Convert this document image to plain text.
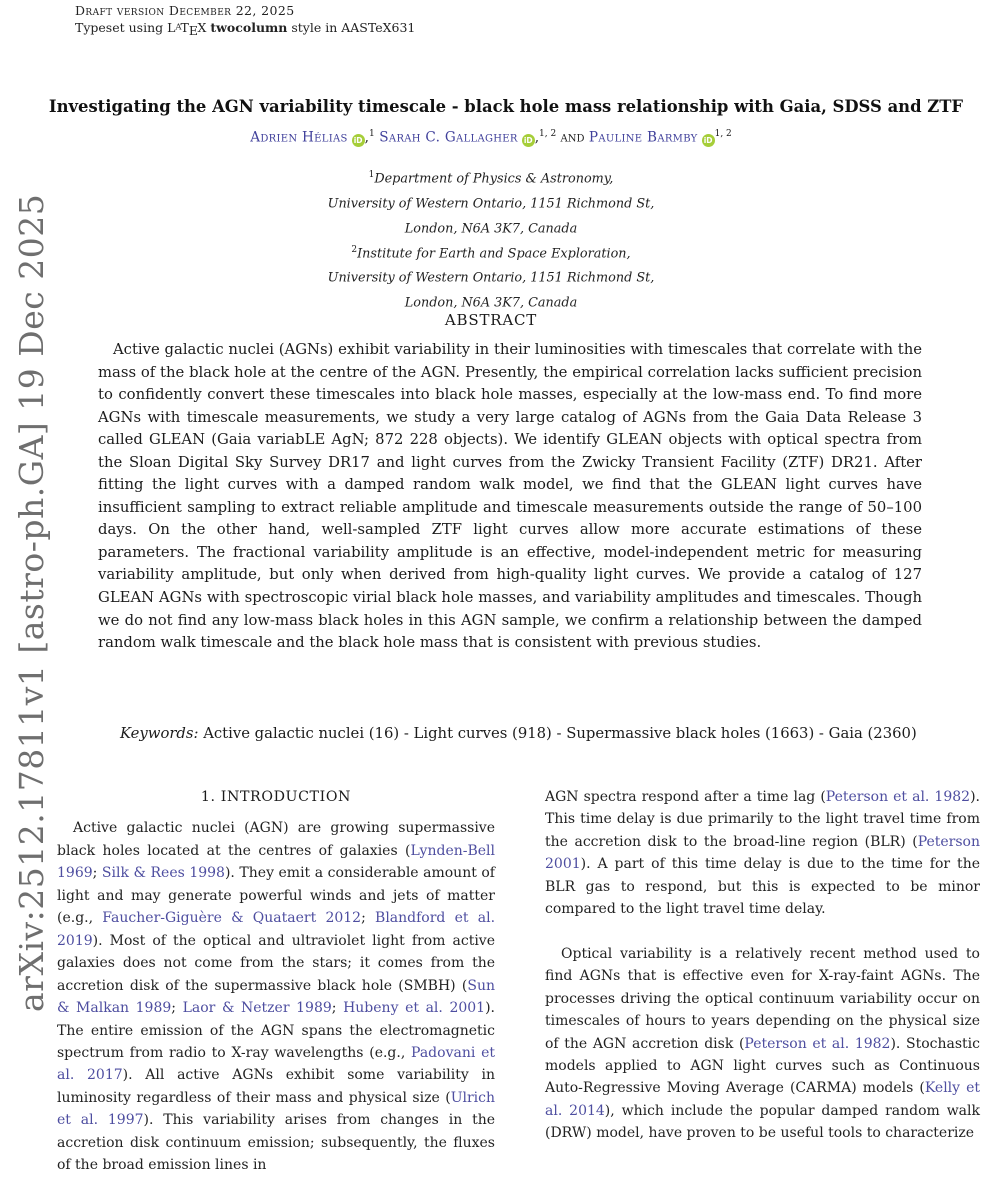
Draft version December 22, 2025
Typeset using LATEX twocolumn style in AASTeX631
arXiv:2512.17811v1 [astro-ph.GA] 19 Dec 2025
Investigating the AGN variability timescale - black hole mass relationship with Gaia, SDSS and ZTF
Adrien Hélias iD ,$^1$ Sarah C. Gallagher iD ,$^{1, 2}$ and Pauline Barmby iD$^{1, 2}$
$^1$Department of Physics & Astronomy,
University of Western Ontario, 1151 Richmond St,
London, N6A 3K7, Canada
$^2$Institute for Earth and Space Exploration,
University of Western Ontario, 1151 Richmond St,
London, N6A 3K7, Canada
ABSTRACT
Active galactic nuclei (AGNs) exhibit variability in their luminosities with timescales that correlate with the mass of the black hole at the centre of the AGN. Presently, the empirical correlation lacks sufficient precision to confidently convert these timescales into black hole masses, especially at the low-mass end. To find more AGNs with timescale measurements, we study a very large catalog of AGNs from the Gaia Data Release 3 called GLEAN (Gaia variabLE AgN; 872 228 objects). We identify GLEAN objects with optical spectra from the Sloan Digital Sky Survey DR17 and light curves from the Zwicky Transient Facility (ZTF) DR21. After fitting the light curves with a damped random walk model, we find that the GLEAN light curves have insufficient sampling to extract reliable amplitude and timescale measurements outside the range of 50–100 days. On the other hand, well-sampled ZTF light curves allow more accurate estimations of these parameters. The fractional variability amplitude is an effective, model-independent metric for measuring variability amplitude, but only when derived from high-quality light curves. We provide a catalog of 127 GLEAN AGNs with spectroscopic virial black hole masses, and variability amplitudes and timescales. Though we do not find any low-mass black holes in this AGN sample, we confirm a relationship between the damped random walk timescale and the black hole mass that is consistent with previous studies.
Keywords: Active galactic nuclei (16) - Light curves (918) - Supermassive black holes (1663) - Gaia (2360)
1. INTRODUCTION

Active galactic nuclei (AGN) are growing supermassive black holes located at the centres of galaxies (Lynden-Bell 1969; Silk & Rees 1998). They emit a considerable amount of light and may generate powerful winds and jets of matter (e.g., Faucher-Giguère & Quataert 2012; Blandford et al. 2019). Most of the optical and ultraviolet light from active galaxies does not come from the stars; it comes from the accretion disk of the supermassive black hole (SMBH) (Sun & Malkan 1989; Laor & Netzer 1989; Hubeny et al. 2001). The entire emission of the AGN spans the electromagnetic spectrum from radio to X-ray wavelengths (e.g., Padovani et al. 2017). All active AGNs exhibit some variability in luminosity regardless of their mass and physical size (Ulrich et al. 1997). This variability arises from changes in the accretion disk continuum emission; subsequently, the fluxes of the broad emission lines in

AGN spectra respond after a time lag (Peterson et al. 1982). This time delay is due primarily to the light travel time from the accretion disk to the broad-line region (BLR) (Peterson 2001). A part of this time delay is due to the time for the BLR gas to respond, but this is expected to be minor compared to the light travel time delay.

Optical variability is a relatively recent method used to find AGNs that is effective even for X-ray-faint AGNs. The processes driving the optical continuum variability occur on timescales of hours to years depending on the physical size of the AGN accretion disk (Peterson et al. 1982). Stochastic models applied to AGN light curves such as Continuous Auto-Regressive Moving Average (CARMA) models (Kelly et al. 2014), which include the popular damped random walk (DRW) model, have proven to be useful tools to characterize
